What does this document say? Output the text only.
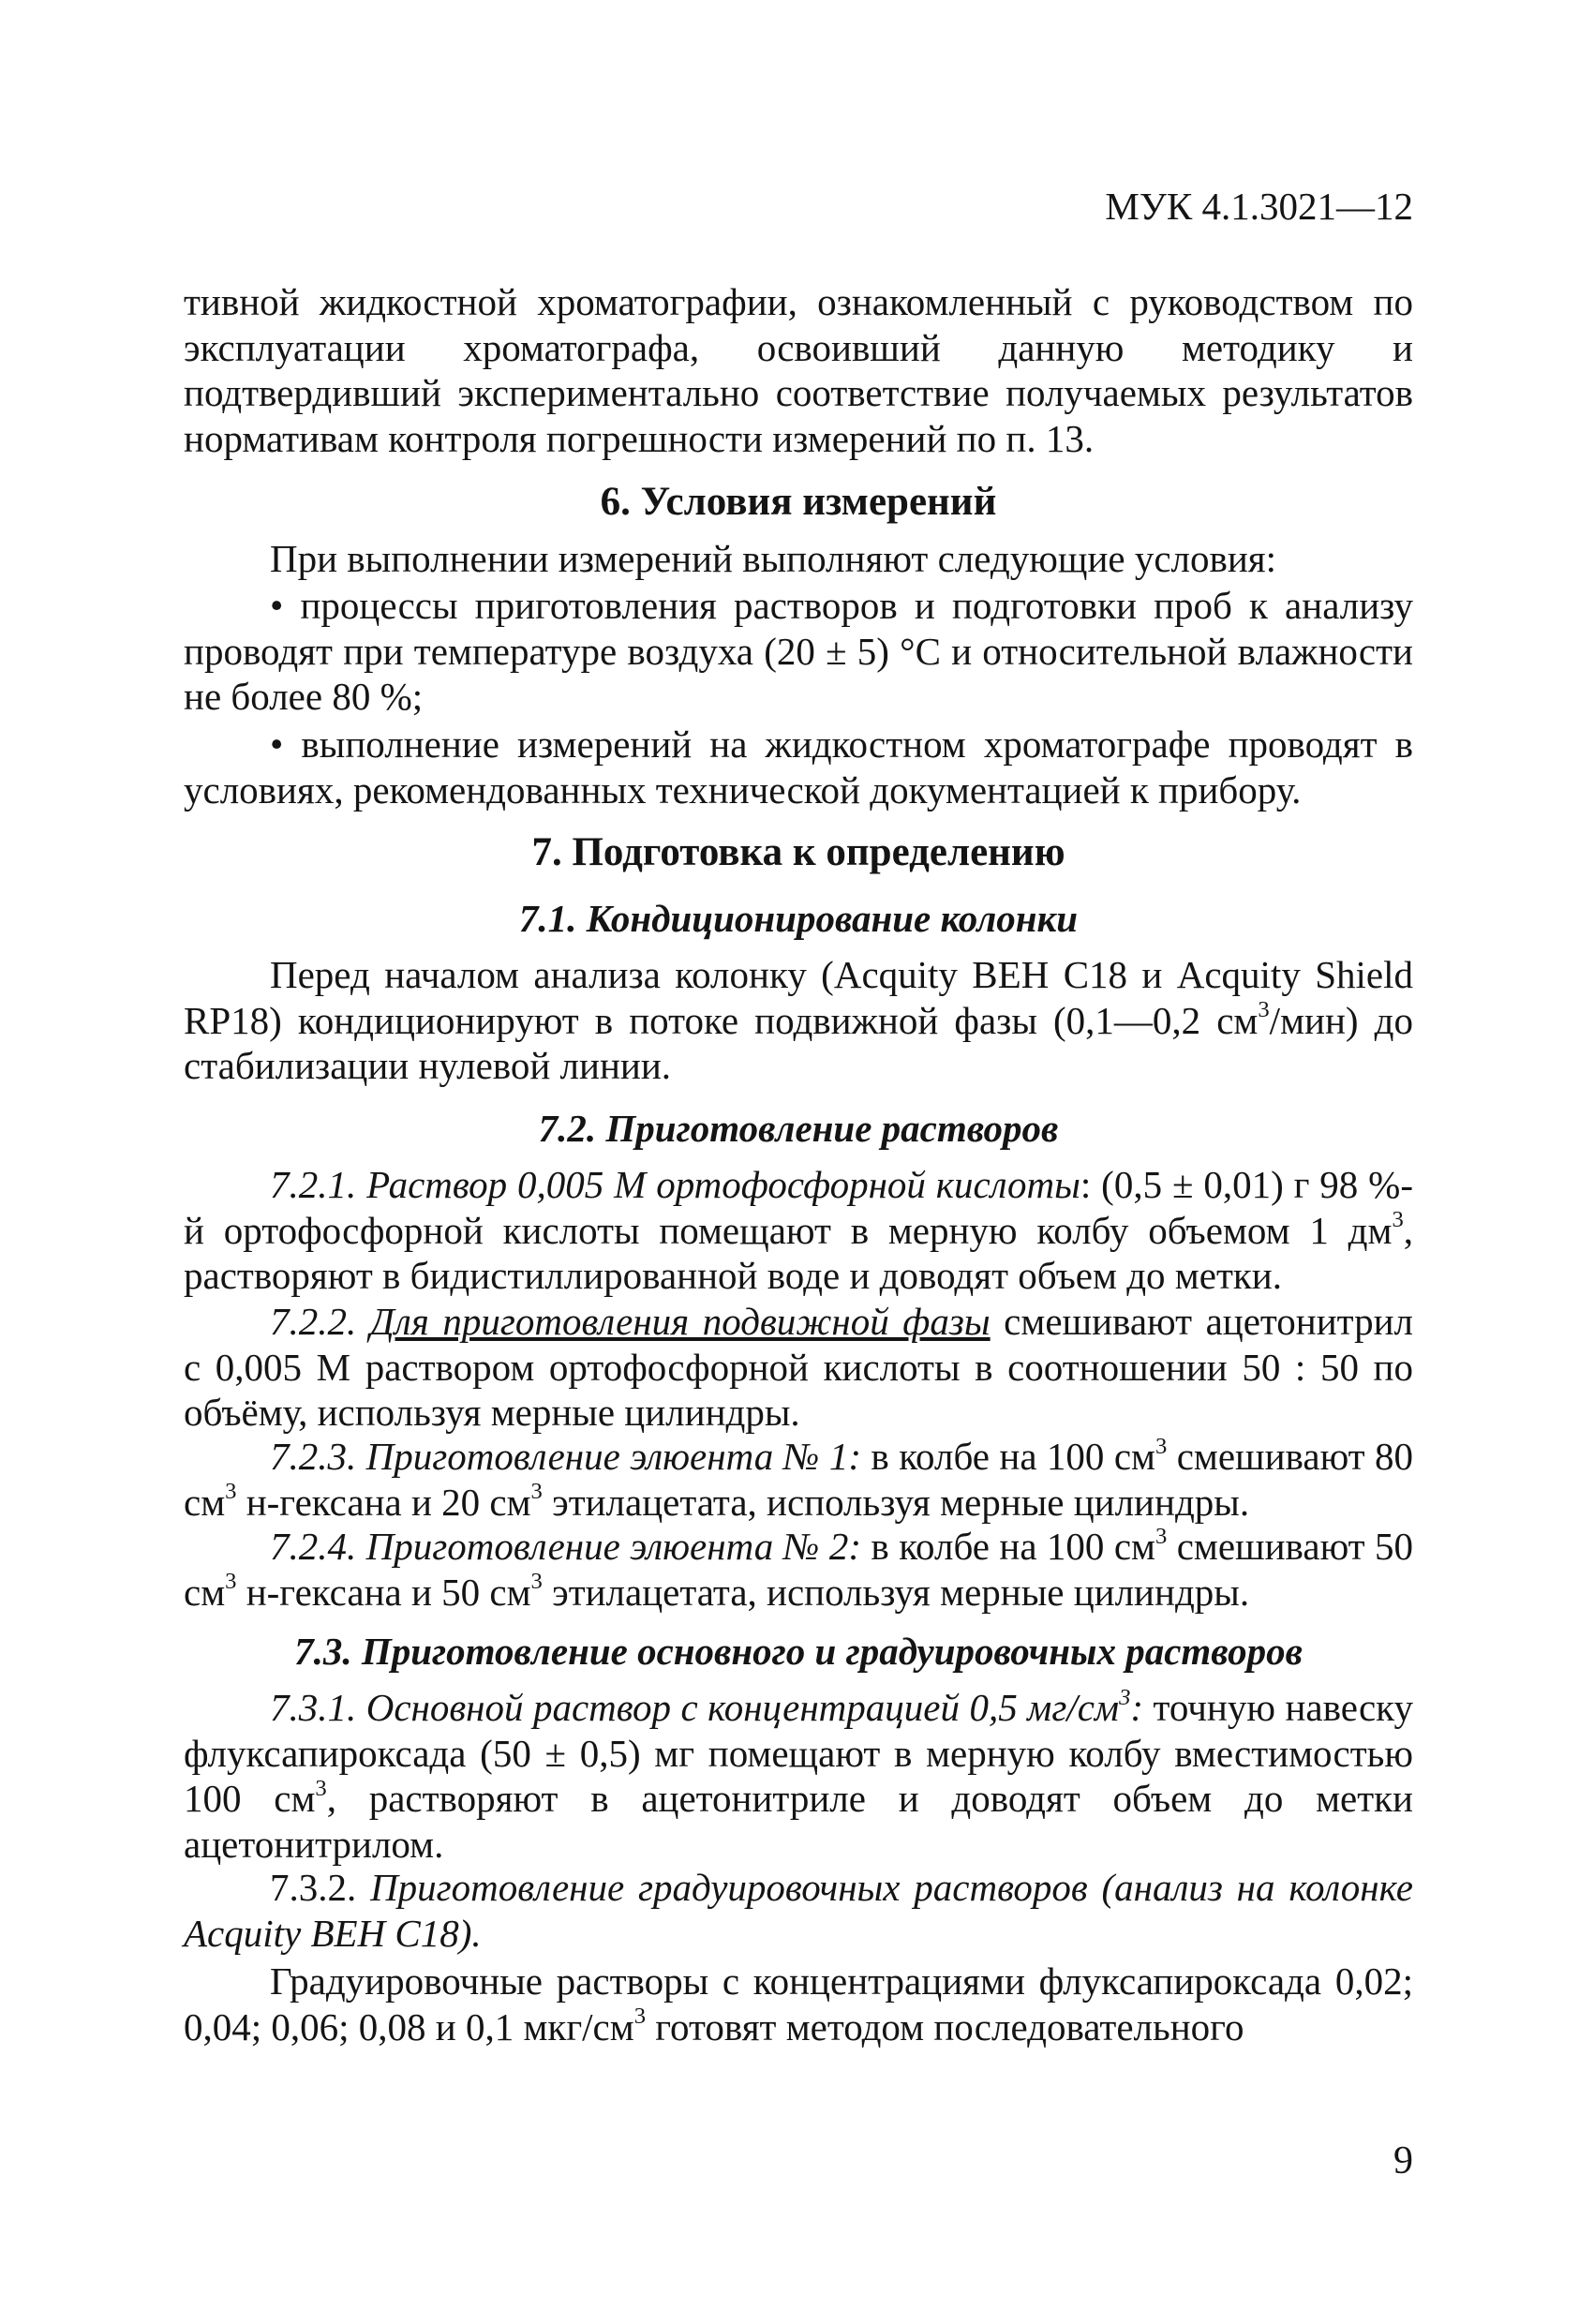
МУК 4.1.3021—12

тивной жидкостной хроматографии, ознакомленный с руководством по эксплуатации хроматографа, освоивший данную методику и подтвердивший экспериментально соответствие получаемых результатов нормативам контроля погрешности измерений по п. 13.

6. Условия измерений

При выполнении измерений выполняют следующие условия:

• процессы приготовления растворов и подготовки проб к анализу проводят при температуре воздуха (20 ± 5) °С и относительной влажности не более 80 %;

• выполнение измерений на жидкостном хроматографе проводят в условиях, рекомендованных технической документацией к прибору.

7. Подготовка к определению
7.1. Кондиционирование колонки

Перед началом анализа колонку (Acquity BEH C18 и Acquity Shield RP18) кондиционируют в потоке подвижной фазы (0,1—0,2 $см^3/мин$) до стабилизации нулевой линии.

7.2. Приготовление растворов

7.2.1. Раствор 0,005 М ортофосфорной кислоты: (0,5 ± 0,01) г 98 %-й ортофосфорной кислоты помещают в мерную колбу объемом 1 $дм^3$, растворяют в бидистиллированной воде и доводят объем до метки.

7.2.2. Для приготовления подвижной фазы смешивают ацетонитрил с 0,005 М раствором ортофосфорной кислоты в соотношении 50 : 50 по объёму, используя мерные цилиндры.

7.2.3. Приготовление элюента № 1: в колбе на 100 $см^3$ смешивают 80 $см^3$ н-гексана и 20 $см^3$ этилацетата, используя мерные цилиндры.

7.2.4. Приготовление элюента № 2: в колбе на 100 $см^3$ смешивают 50 $см^3$ н-гексана и 50 $см^3$ этилацетата, используя мерные цилиндры.

7.3. Приготовление основного и градуировочных растворов

7.3.1. Основной раствор с концентрацией 0,5 $мг/см^3$: точную навеску флуксапироксада (50 ± 0,5) мг помещают в мерную колбу вместимостью 100 $см^3$, растворяют в ацетонитриле и доводят объем до метки ацетонитрилом.

7.3.2. Приготовление градуировочных растворов (анализ на колонке Acquity BEH C18).

Градуировочные растворы с концентрациями флуксапироксада 0,02; 0,04; 0,06; 0,08 и 0,1 мкг/$см^3$ готовят методом последовательного

9
